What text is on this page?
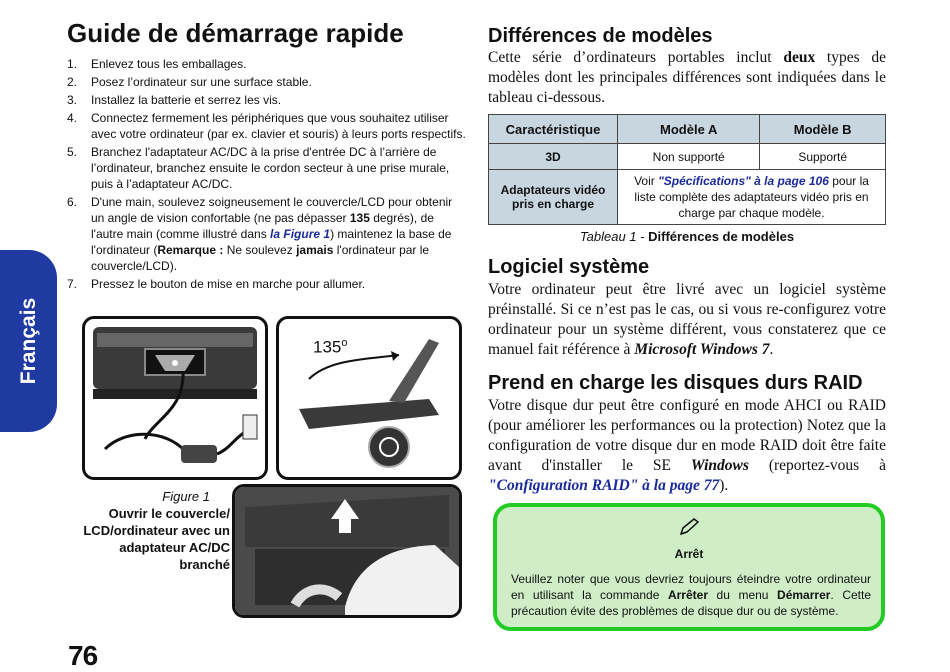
Français
Guide de démarrage rapide
1. Enlevez tous les emballages.
2. Posez l’ordinateur sur une surface stable.
3. Installez la batterie et serrez les vis.
4. Connectez fermement les périphériques que vous souhaitez utiliser avec votre ordinateur (par ex. clavier et souris) à leurs ports respectifs.
5. Branchez l'adaptateur AC/DC à la prise d'entrée DC à l’arrière de l’ordinateur, branchez ensuite le cordon secteur à une prise murale, puis à l’adaptateur AC/DC.
6. D'une main, soulevez soigneusement le couvercle/LCD pour obtenir un angle de vision confortable (ne pas dépasser 135 degrés), de l'autre main (comme illustré dans la Figure 1) maintenez la base de l'ordinateur (Remarque : Ne soulevez jamais l'ordinateur par le couvercle/LCD).
7. Pressez le bouton de mise en marche pour allumer.
135$^o$
Figure 1
Ouvrir le couvercle/ LCD/ordinateur avec un adaptateur AC/DC branché
76
Différences de modèles
Cette série d’ordinateurs portables inclut deux types de modèles dont les principales différences sont indiquées dans le tableau ci-dessous.
Caractéristique	Modèle A	Modèle B
3D	Non supporté	Supporté
Adaptateurs vidéo pris en charge	Voir "Spécifications" à la page 106 pour la liste complète des adaptateurs vidéo pris en charge par chaque modèle.	
Tableau 1 - Différences de modèles
Logiciel système
Votre ordinateur peut être livré avec un logiciel système préinstallé. Si ce n’est pas le cas, ou si vous re-configurez votre ordinateur pour un système différent, vous constaterez que ce manuel fait référence à Microsoft Windows 7.
Prend en charge les disques durs RAID
Votre disque dur peut être configuré en mode AHCI ou RAID (pour améliorer les performances ou la protection) Notez que la configuration de votre disque dur en mode RAID doit être faite avant d'installer le SE Windows (reportez-vous à "Configuration RAID" à la page 77).
Arrêt
Veuillez noter que vous devriez toujours éteindre votre ordinateur en utilisant la commande Arrêter du menu Démarrer. Cette précaution évite des problèmes de disque dur ou de système.
